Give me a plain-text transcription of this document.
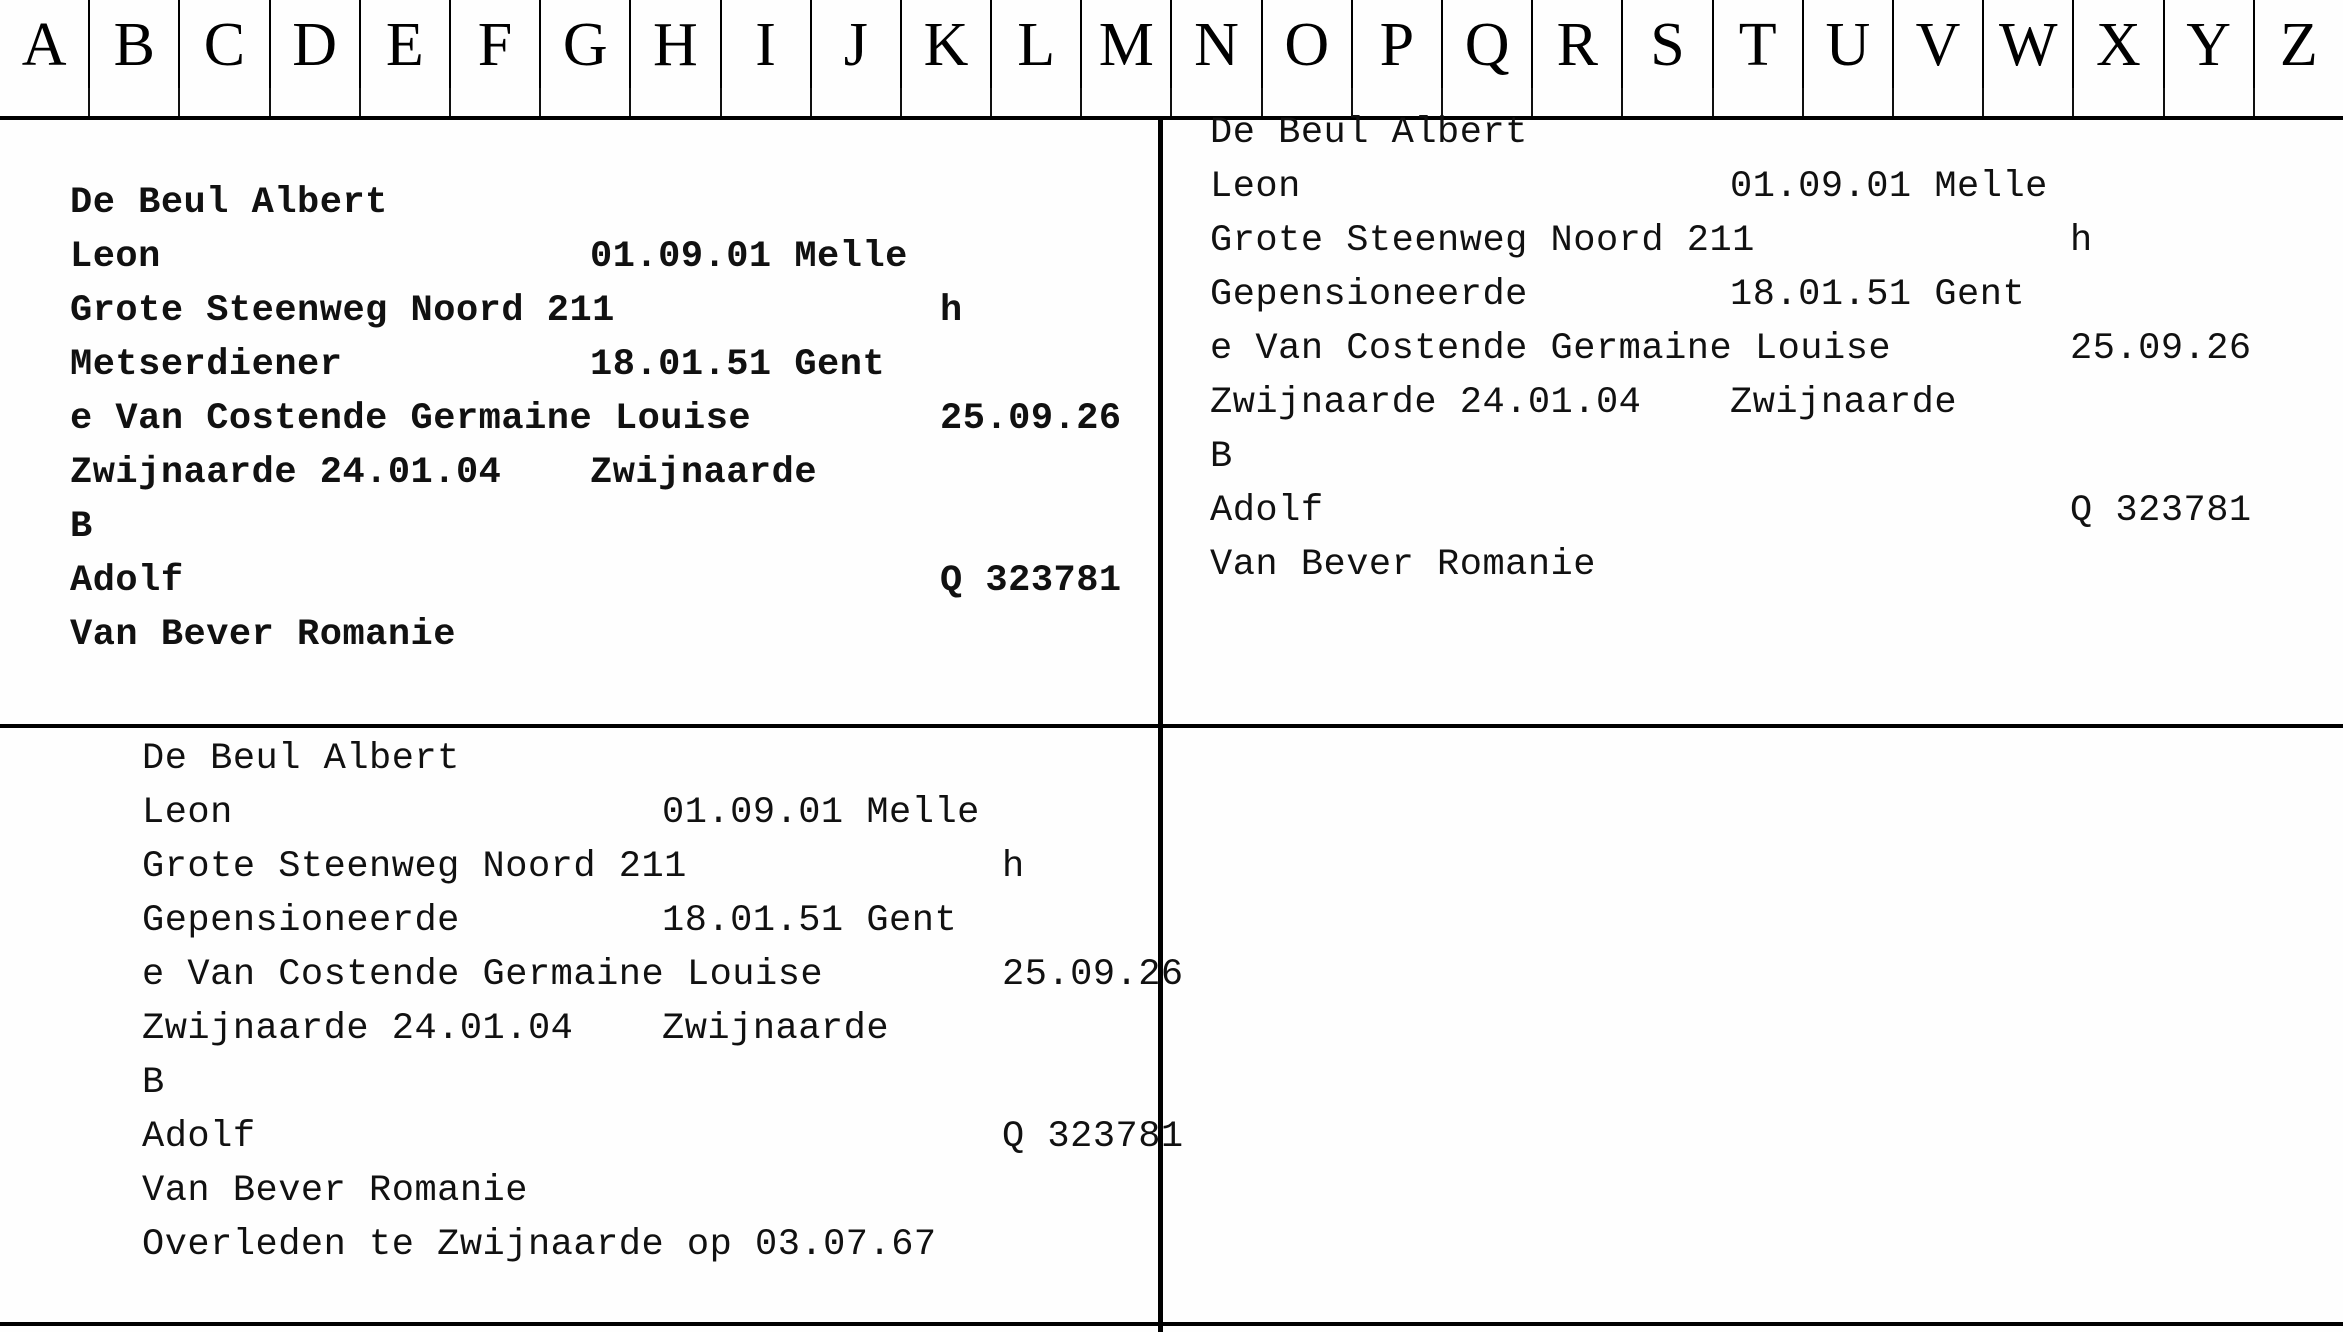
A B C D E F G H I	J K L M N O P Q R S T U V W X Y Z
De Beul Albert
Leon	01.09.01 Melle
Grote Steenweg Noord 211	h
Metserdiener	18.01.51 Gent
e Van Costende Germaine Louise	25.09.26
Zwijnaarde 24.01.04 Zwijnaarde
B
Adolf	Q 323781
Van Bever Romanie
De Beul Albert
Leon	01.09.01 Melle
Grote Steenweg Noord 211	h
Gepensioneerde	18.01.51 Gent
e Van Costende Germaine Louise	25.09.26
Zwijnaarde 24.01.04 Zwijnaarde
B
Adolf	Q 323781
Van Bever Romanie
De Beul Albert
Leon	01.09.01 Melle
Grote Steenweg Noord 211	h
Gepensioneerde	18.01.51 Gent
e Van Costende Germaine Louise	25.09.26
Zwijnaarde 24.01.04 Zwijnaarde
B
Adolf	Q 323781
Van Bever Romanie
Overleden te Zwijnaarde op 03.07.67
